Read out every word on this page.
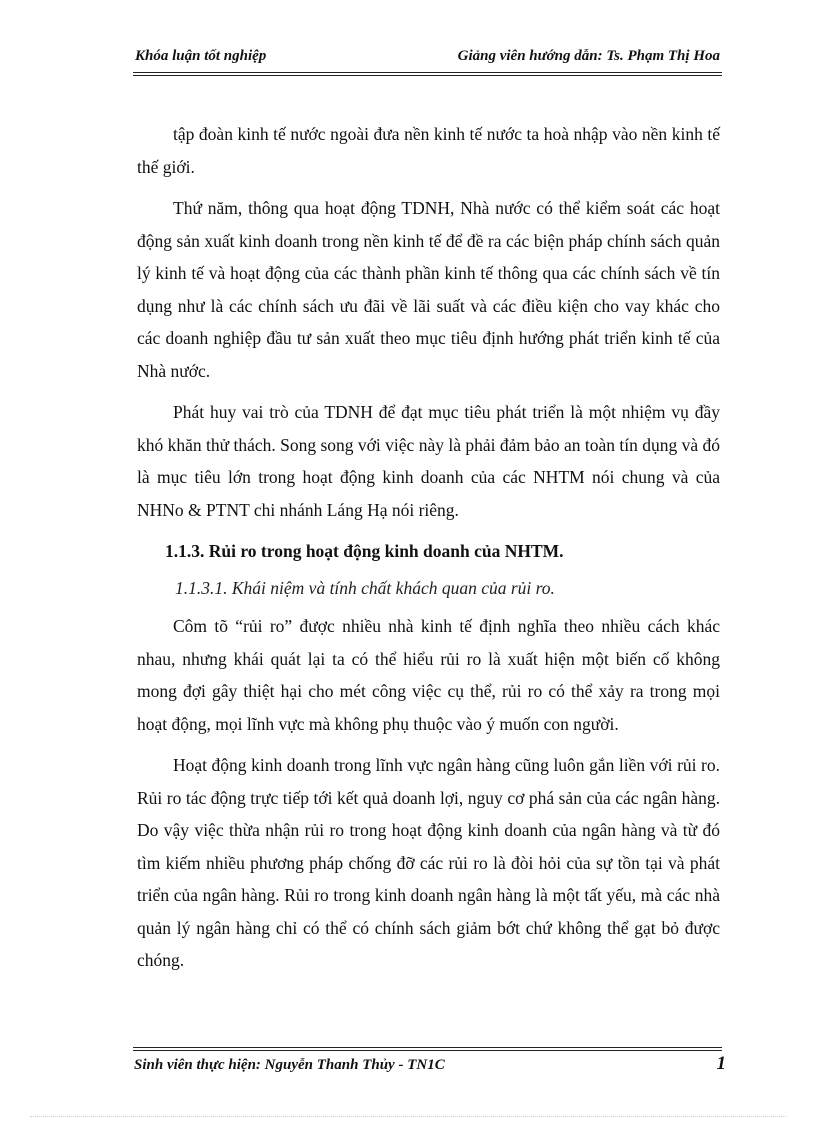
Khóa luận tốt nghiệp	Giảng viên hướng dẫn: Ts. Phạm Thị Hoa

tập đoàn kinh tế nước ngoài đưa nền kinh tế nước ta hoà nhập vào nền kinh tế thế giới.

Thứ năm, thông qua hoạt động TDNH, Nhà nước có thể kiểm soát các hoạt động sản xuất kinh doanh trong nền kinh tế để đề ra các biện pháp chính sách quản lý kinh tế và hoạt động của các thành phần kinh tế thông qua các chính sách về tín dụng như là các chính sách ưu đãi về lãi suất và các điều kiện cho vay khác cho các doanh nghiệp đầu tư sản xuất theo mục tiêu định hướng phát triển kinh tế của Nhà nước.

Phát huy vai trò của TDNH để đạt mục tiêu phát triển là một nhiệm vụ đầy khó khăn thử thách. Song song với việc này là phải đảm bảo an toàn tín dụng và đó là mục tiêu lớn trong hoạt động kinh doanh của các NHTM nói chung và của NHNo & PTNT chi nhánh Láng Hạ nói riêng.

1.1.3. Rủi ro trong hoạt động kinh doanh của NHTM.

1.1.3.1. Khái niệm và tính chất khách quan của rủi ro.

Côm tõ “rủi ro” được nhiều nhà kinh tế định nghĩa theo nhiều cách khác nhau, nhưng khái quát lại ta có thể hiểu rủi ro là xuất hiện một biến cố không mong đợi gây thiệt hại cho mét công việc cụ thể, rủi ro có thể xảy ra trong mọi hoạt động, mọi lĩnh vực mà không phụ thuộc vào ý muốn con người.

Hoạt động kinh doanh trong lĩnh vực ngân hàng cũng luôn gắn liền với rủi ro. Rủi ro tác động trực tiếp tới kết quả doanh lợi, nguy cơ phá sản của các ngân hàng. Do vậy việc thừa nhận rủi ro trong hoạt động kinh doanh của ngân hàng và từ đó tìm kiếm nhiều phương pháp chống đỡ các rủi ro là đòi hỏi của sự tồn tại và phát triển của ngân hàng. Rủi ro trong kinh doanh ngân hàng là một tất yếu, mà các nhà quản lý ngân hàng chỉ có thể có chính sách giảm bớt chứ không thể gạt bỏ được chóng.

Sinh viên thực hiện: Nguyễn Thanh Thủy - TN1C	1
